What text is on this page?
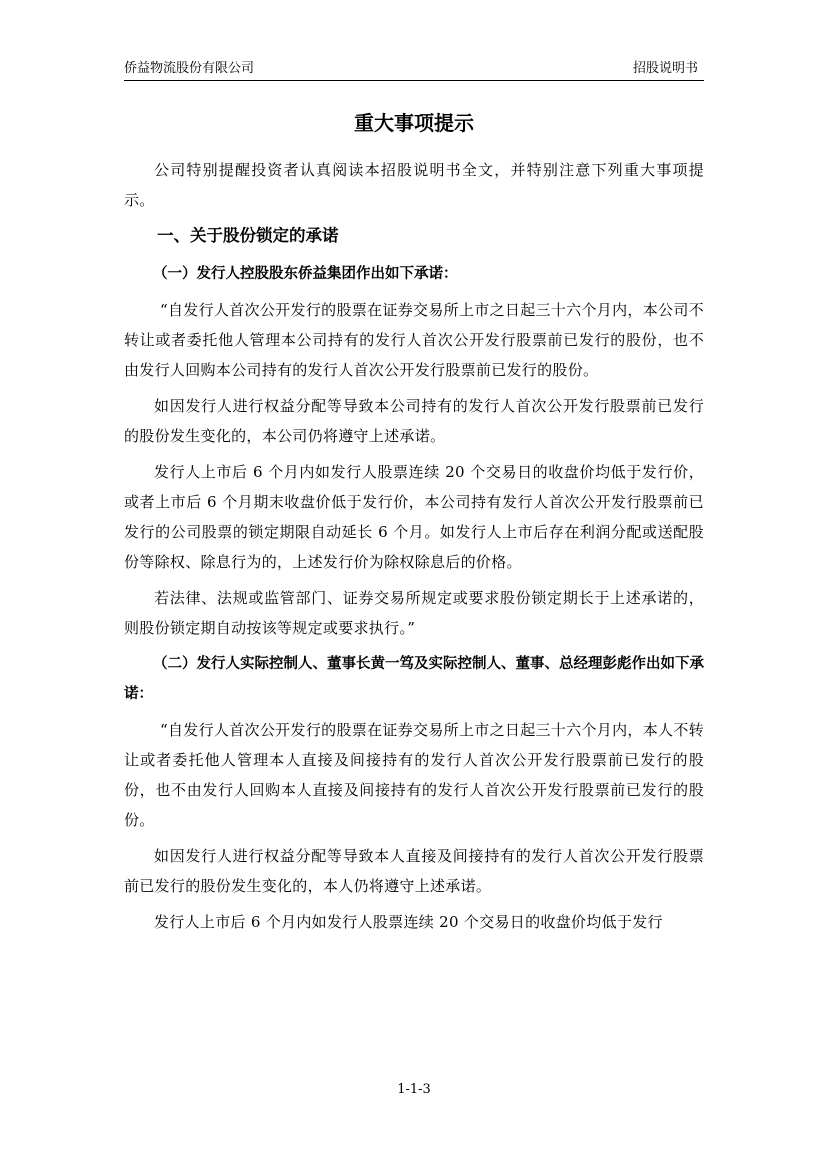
侨益物流股份有限公司	招股说明书
重大事项提示

公司特别提醒投资者认真阅读本招股说明书全文，并特别注意下列重大事项提示。

一、关于股份锁定的承诺

（一）发行人控股股东侨益集团作出如下承诺：

“自发行人首次公开发行的股票在证券交易所上市之日起三十六个月内，本公司不转让或者委托他人管理本公司持有的发行人首次公开发行股票前已发行的股份，也不由发行人回购本公司持有的发行人首次公开发行股票前已发行的股份。

如因发行人进行权益分配等导致本公司持有的发行人首次公开发行股票前已发行的股份发生变化的，本公司仍将遵守上述承诺。

发行人上市后 6 个月内如发行人股票连续 20 个交易日的收盘价均低于发行价，或者上市后 6 个月期末收盘价低于发行价，本公司持有发行人首次公开发行股票前已发行的公司股票的锁定期限自动延长 6 个月。如发行人上市后存在利润分配或送配股份等除权、除息行为的，上述发行价为除权除息后的价格。

若法律、法规或监管部门、证券交易所规定或要求股份锁定期长于上述承诺的，则股份锁定期自动按该等规定或要求执行。”

（二）发行人实际控制人、董事长黄一笃及实际控制人、董事、总经理彭彪作出如下承诺：

“自发行人首次公开发行的股票在证券交易所上市之日起三十六个月内，本人不转让或者委托他人管理本人直接及间接持有的发行人首次公开发行股票前已发行的股份，也不由发行人回购本人直接及间接持有的发行人首次公开发行股票前已发行的股份。

如因发行人进行权益分配等导致本人直接及间接持有的发行人首次公开发行股票前已发行的股份发生变化的，本人仍将遵守上述承诺。

发行人上市后 6 个月内如发行人股票连续 20 个交易日的收盘价均低于发行

1-1-3
